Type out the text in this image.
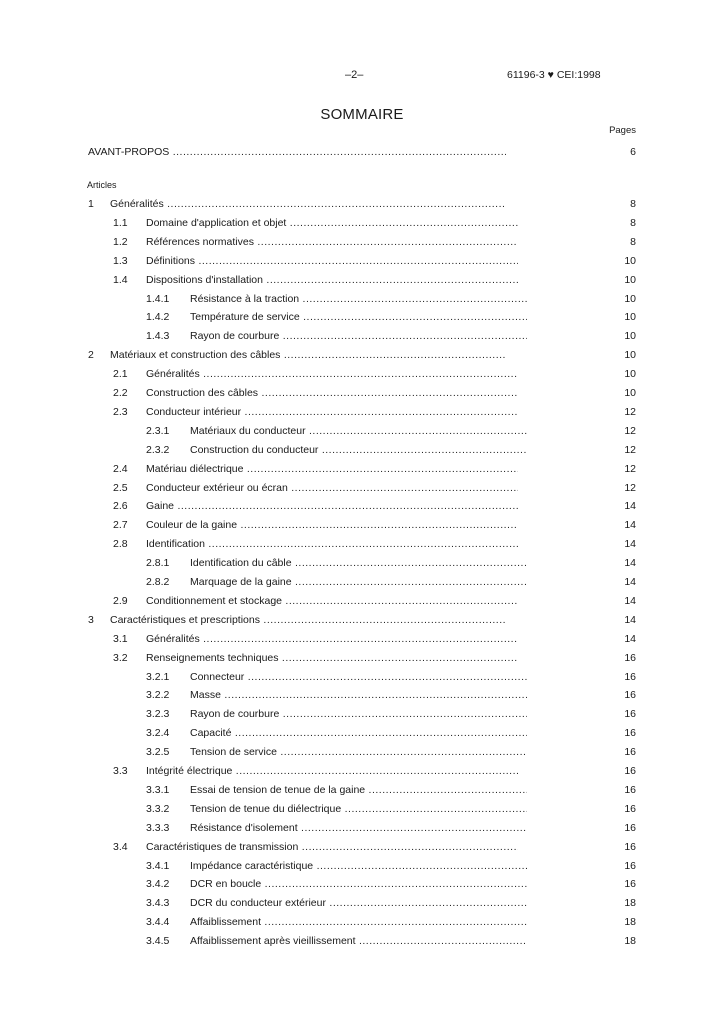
–2–	61196-3 ♥ CEI:1998
SOMMAIRE
Pages
AVANT-PROPOS .....	6
Articles
1 Généralités .....	8
1.1 Domaine d'application et objet .....	8
1.2 Références normatives .....	8
1.3 Définitions .....	10
1.4 Dispositions d'installation .....	10
1.4.1 Résistance à la traction .....	10
1.4.2 Température de service .....	10
1.4.3 Rayon de courbure .....	10
2 Matériaux et construction des câbles .....	10
2.1 Généralités .....	10
2.2 Construction des câbles .....	10
2.3 Conducteur intérieur .....	12
2.3.1 Matériaux du conducteur .....	12
2.3.2 Construction du conducteur .....	12
2.4 Matériau diélectrique .....	12
2.5 Conducteur extérieur ou écran .....	12
2.6 Gaine .....	14
2.7 Couleur de la gaine .....	14
2.8 Identification .....	14
2.8.1 Identification du câble .....	14
2.8.2 Marquage de la gaine .....	14
2.9 Conditionnement et stockage .....	14
3 Caractéristiques et prescriptions .....	14
3.1 Généralités .....	14
3.2 Renseignements techniques .....	16
3.2.1 Connecteur .....	16
3.2.2 Masse .....	16
3.2.3 Rayon de courbure .....	16
3.2.4 Capacité .....	16
3.2.5 Tension de service .....	16
3.3 Intégrité électrique .....	16
3.3.1 Essai de tension de tenue de la gaine .....	16
3.3.2 Tension de tenue du diélectrique .....	16
3.3.3 Résistance d'isolement .....	16
3.4 Caractéristiques de transmission .....	16
3.4.1 Impédance caractéristique .....	16
3.4.2 DCR en boucle .....	16
3.4.3 DCR du conducteur extérieur .....	18
3.4.4 Affaiblissement .....	18
3.4.5 Affaiblissement après vieillissement .....	18
